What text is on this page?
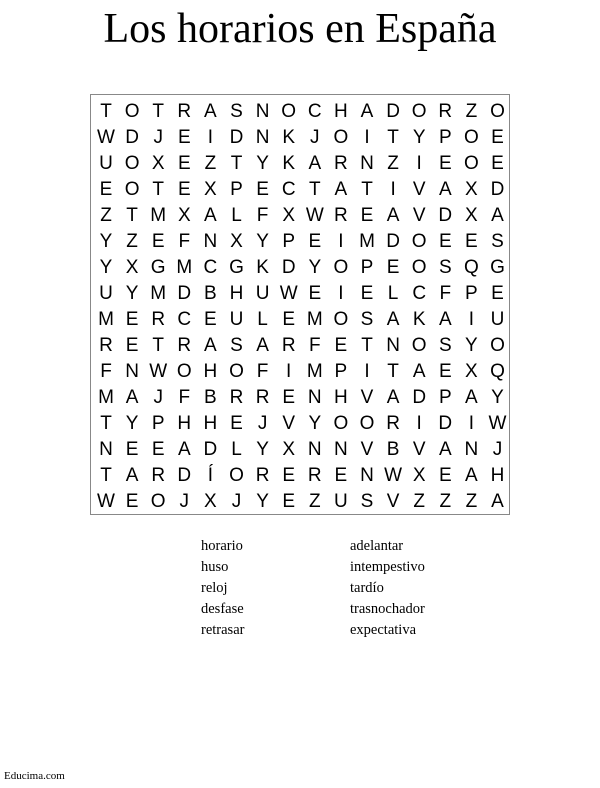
Los horarios en España
T O T R A S N O C H A D O R Z O
W D J E I D N K J O I T Y P O E
U O X E Z T Y K A R N Z I E O E
E O T E X P E C T A T I V A X D
Z T M X A L F X W R E A V D X A
Y Z E F N X Y P E I M D O E E S
Y X G M C G K D Y O P E O S Q G
U Y M D B H U W E I E L C F P E
M E R C E U L E M O S A K A I U
R E T R A S A R F E T N O S Y O
F N W O H O F I M P I T A E X Q
M A J F B R R E N H V A D P A Y
T Y P H H E J V Y O O R I D I W
N E E A D L Y X N N V B V A N J
T A R D Í O R E R E N W X E A H
W E O J X J Y E Z U S V Z Z Z A
horario
huso
reloj
desfase
retrasar
adelantar
intempestivo
tardío
trasnochador
expectativa
Educima.com
